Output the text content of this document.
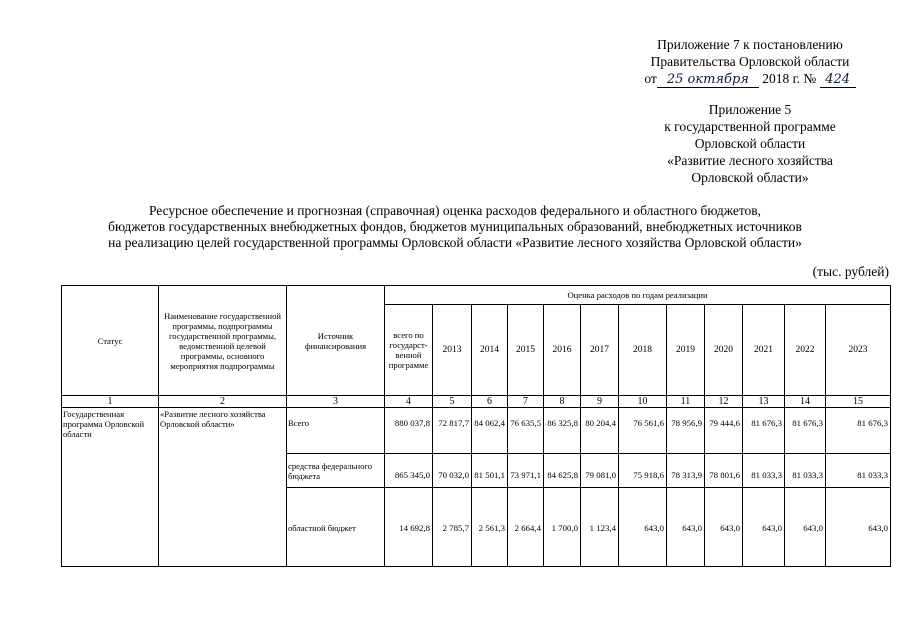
Приложение 7 к постановлению
Правительства Орловской области
от 25 октября 2018 г. № 424
Приложение 5
к государственной программе
Орловской области
«Развитие лесного хозяйства
Орловской области»
Ресурсное обеспечение и прогнозная (справочная) оценка расходов федерального и областного бюджетов,
бюджетов государственных внебюджетных фондов, бюджетов муниципальных образований, внебюджетных источников
на реализацию целей государственной программы Орловской области «Развитие лесного хозяйства Орловской области»
(тыс. рублей)
Статус	Наименование государственной программы, подпрограммы государственной программы, ведомственной целевой программы, основного мероприятия подпрограммы	Источник финансирования	Оценка расходов по годам реализации											
			всего по государст-венной программе	2013	2014	2015	2016	2017	2018	2019	2020	2021	2022	2023
1	2	3	4	5	6	7	8	9	10	11	12	13	14	15
Государственная программа Орловской области	«Развитие лесного хозяйства Орловской области»	Всего	880 037,8	72 817,7	84 062,4	76 635,5	86 325,8	80 204,4	76 561,6	78 956,9	79 444,6	81 676,3	81 676,3	81 676,3
		средства федерального бюджета	865 345,0	70 032,0	81 501,1	73 971,1	84 625,8	79 081,0	75 918,6	78 313,9	78 801,6	81 033,3	81 033,3	81 033,3
		областной бюджет	14 692,8	2 785,7	2 561,3	2 664,4	1 700,0	1 123,4	643,0	643,0	643,0	643,0	643,0	643,0
